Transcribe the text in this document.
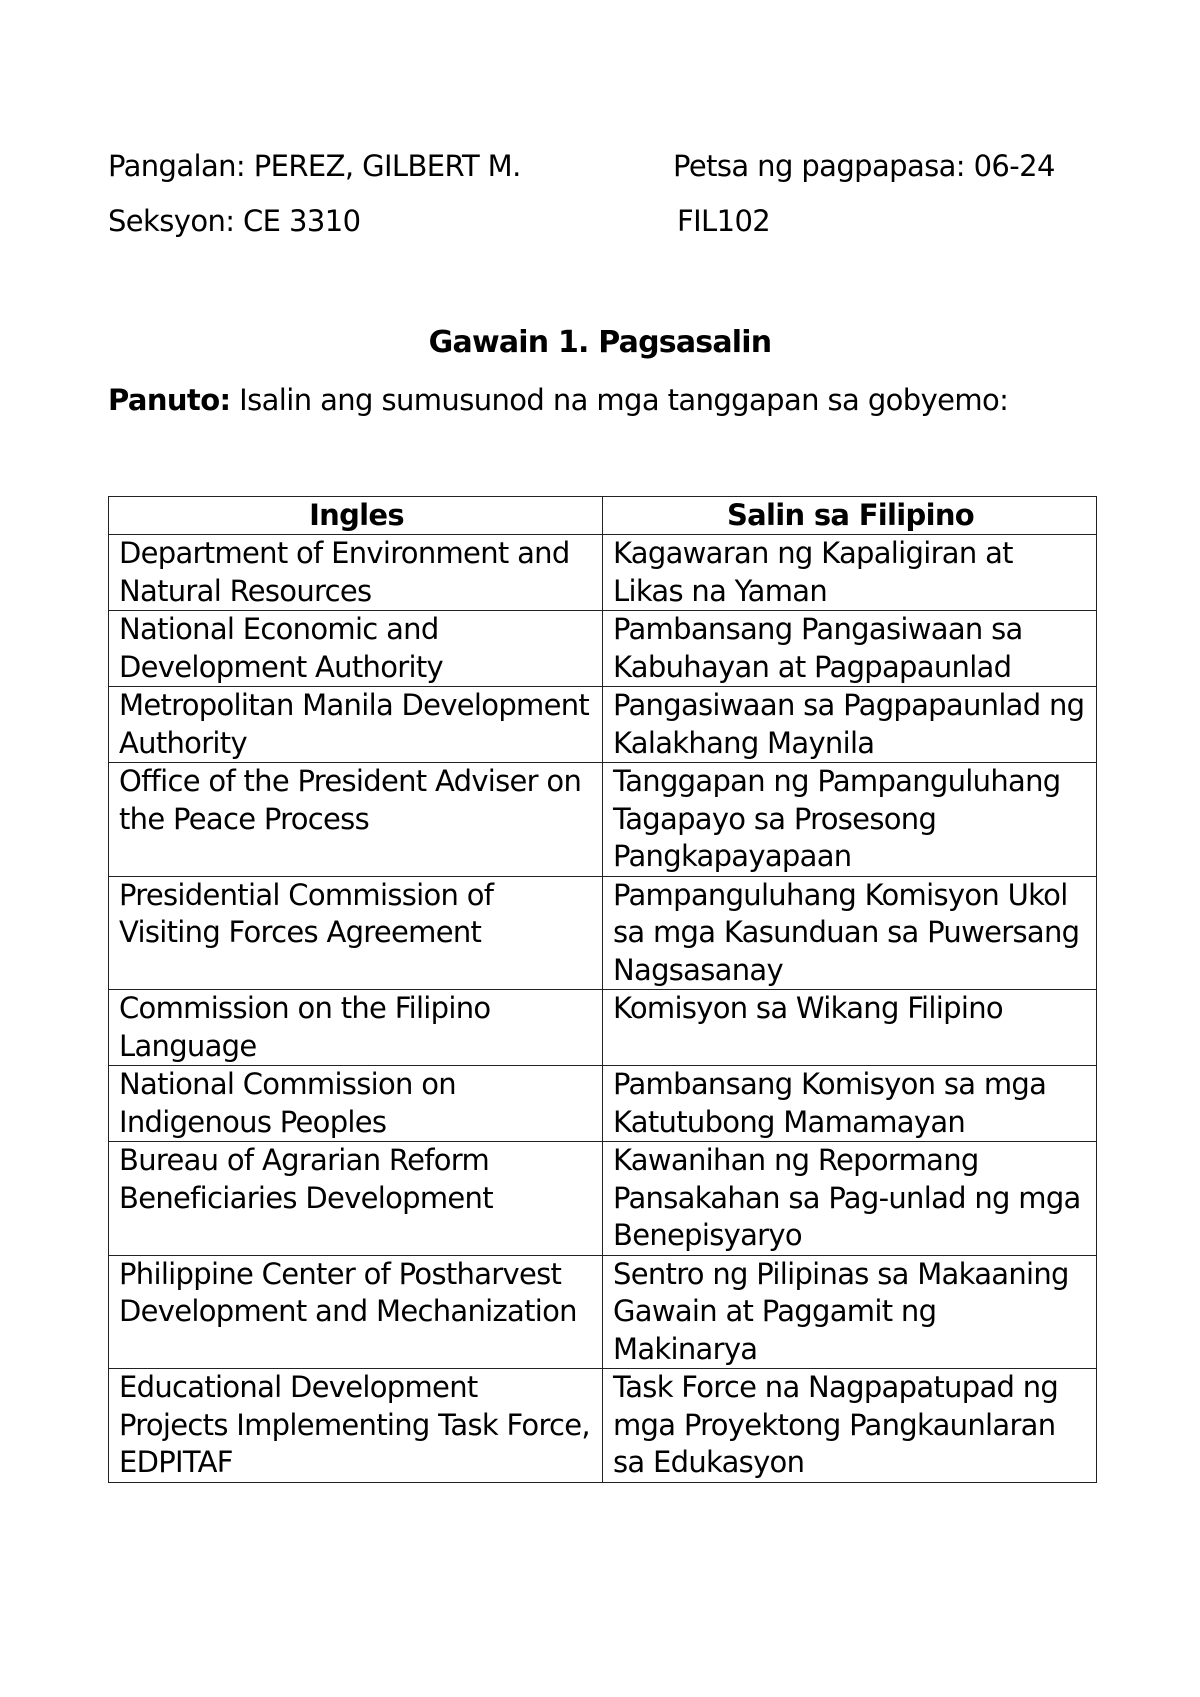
Pangalan: PEREZ, GILBERT M.	Petsa ng pagpapasa: 06-24
Seksyon: CE 3310	FIL102
Gawain 1. Pagsasalin
Panuto: Isalin ang sumusunod na mga tanggapan sa gobyemo:
Ingles	Salin sa Filipino
Department of Environment and Natural Resources	Kagawaran ng Kapaligiran at Likas na Yaman
National Economic and Development Authority	Pambansang Pangasiwaan sa Kabuhayan at Pagpapaunlad
Metropolitan Manila Development Authority	Pangasiwaan sa Pagpapaunlad ng Kalakhang Maynila
Office of the President Adviser on the Peace Process	Tanggapan ng Pampanguluhang Tagapayo sa Prosesong Pangkapayapaan
Presidential Commission of Visiting Forces Agreement	Pampanguluhang Komisyon Ukol sa mga Kasunduan sa Puwersang Nagsasanay
Commission on the Filipino Language	Komisyon sa Wikang Filipino
National Commission on Indigenous Peoples	Pambansang Komisyon sa mga Katutubong Mamamayan
Bureau of Agrarian Reform Beneficiaries Development	Kawanihan ng Repormang Pansakahan sa Pag-unlad ng mga Benepisyaryo
Philippine Center of Postharvest Development and Mechanization	Sentro ng Pilipinas sa Makaaning Gawain at Paggamit ng Makinarya
Educational Development Projects Implementing Task Force, EDPITAF	Task Force na Nagpapatupad ng mga Proyektong Pangkaunlaran sa Edukasyon
